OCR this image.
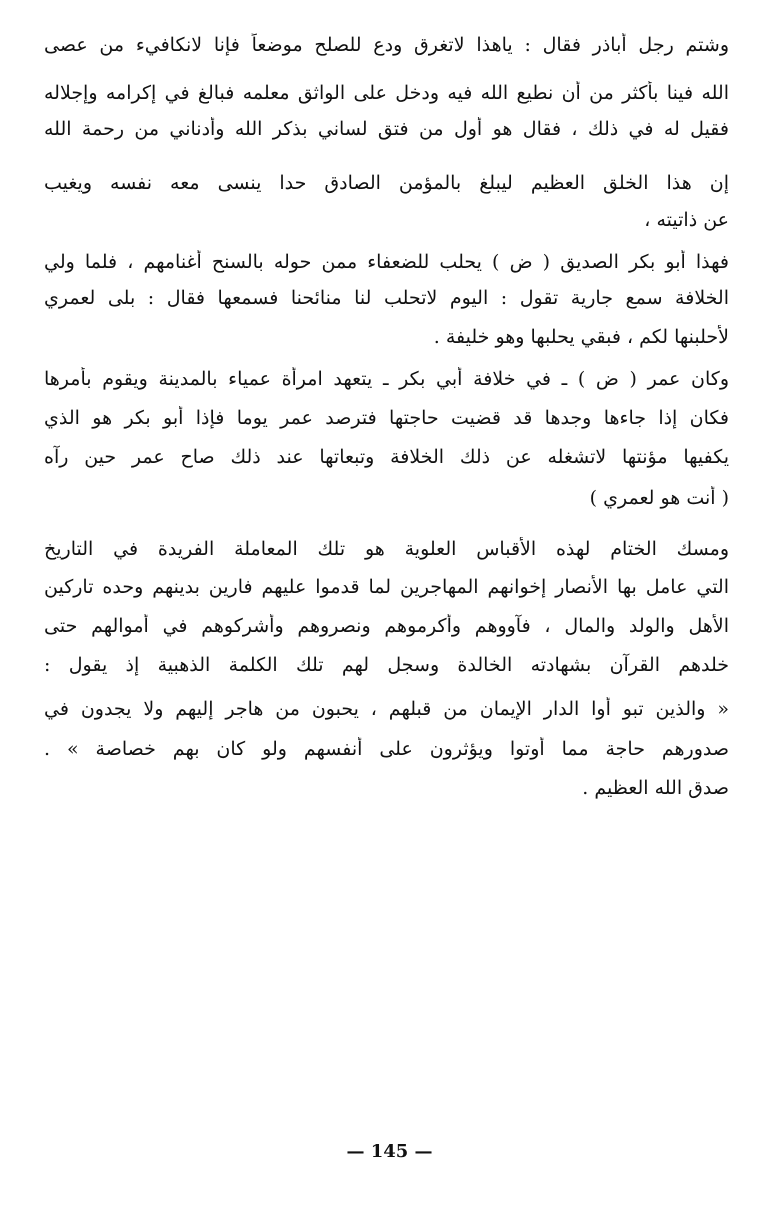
وشتم رجل أباذر فقال : ياهذا لاتغرق ودع للصلح موضعاً فإنا لانكافيء من عصى
الله فينا بأكثر من أن نطيع الله فيه ودخل على الواثق معلمه فبالغ في إكرامه وإجلاله
فقيل له في ذلك ، فقال هو أول من فتق لساني بذكر الله وأدناني من رحمة الله
إن هذا الخلق العظيم ليبلغ بالمؤمن الصادق حدا ينسى معه نفسه ويغيب
عن ذاتيته ،
فهذا أبو بكر الصديق ( ض ) يحلب للضعفاء ممن حوله بالسنح أغنامهم ، فلما ولي
الخلافة سمع جارية تقول : اليوم لاتحلب لنا منائحنا فسمعها فقال : بلى لعمري
لأحلبنها لكم ، فبقي يحلبها وهو خليفة .
وكان عمر ( ض ) ـ في خلافة أبي بكر ـ يتعهد امرأة عمياء بالمدينة ويقوم بأمرها
فكان إذا جاءها وجدها قد قضيت حاجتها فترصد عمر يوما فإذا أبو بكر هو الذي
يكفيها مؤنتها لاتشغله عن ذلك الخلافة وتبعاتها عند ذلك صاح عمر حين رآه
( أنت هو لعمري )
ومسك الختام لهذه الأقباس العلوية هو تلك المعاملة الفريدة في التاريخ
التي عامل بها الأنصار إخوانهم المهاجرين لما قدموا عليهم فارين بدينهم وحده تاركين
الأهل والولد والمال ، فآووهم وأكرموهم ونصروهم وأشركوهم في أموالهم حتى
خلدهم القرآن بشهادته الخالدة وسجل لهم تلك الكلمة الذهبية إذ يقول :
« والذين تبو أوا الدار الإيمان من قبلهم ، يحبون من هاجر إليهم ولا يجدون في
صدورهم حاجة مما أوتوا ويؤثرون على أنفسهم ولو كان بهم خصاصة » .
صدق الله العظيم .
— 145 —
